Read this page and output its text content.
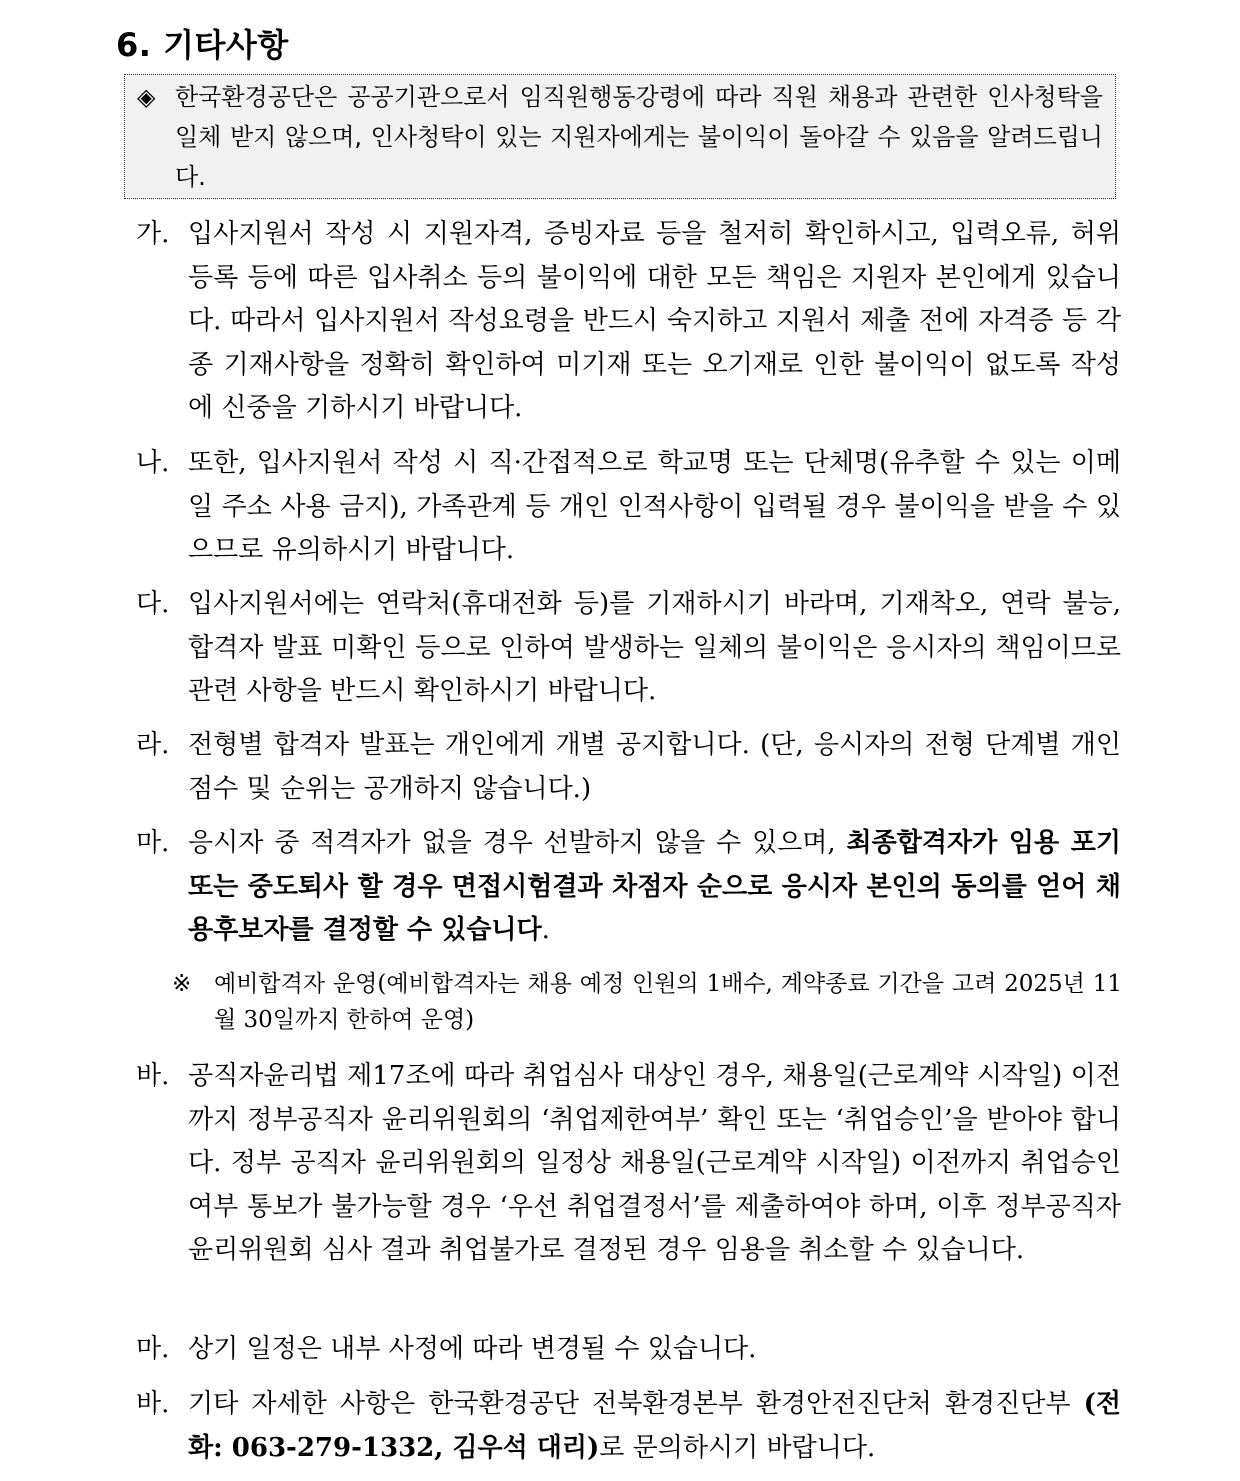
6. 기타사항
◈ 한국환경공단은 공공기관으로서 임직원행동강령에 따라 직원 채용과 관련한 인사청탁을 일체 받지 않으며, 인사청탁이 있는 지원자에게는 불이익이 돌아갈 수 있음을 알려드립니다.
가. 입사지원서 작성 시 지원자격, 증빙자료 등을 철저히 확인하시고, 입력오류, 허위 등록 등에 따른 입사취소 등의 불이익에 대한 모든 책임은 지원자 본인에게 있습니다. 따라서 입사지원서 작성요령을 반드시 숙지하고 지원서 제출 전에 자격증 등 각종 기재사항을 정확히 확인하여 미기재 또는 오기재로 인한 불이익이 없도록 작성에 신중을 기하시기 바랍니다.
나. 또한, 입사지원서 작성 시 직·간접적으로 학교명 또는 단체명(유추할 수 있는 이메일 주소 사용 금지), 가족관계 등 개인 인적사항이 입력될 경우 불이익을 받을 수 있으므로 유의하시기 바랍니다.
다. 입사지원서에는 연락처(휴대전화 등)를 기재하시기 바라며, 기재착오, 연락 불능, 합격자 발표 미확인 등으로 인하여 발생하는 일체의 불이익은 응시자의 책임이므로 관련 사항을 반드시 확인하시기 바랍니다.
라. 전형별 합격자 발표는 개인에게 개별 공지합니다. (단, 응시자의 전형 단계별 개인점수 및 순위는 공개하지 않습니다.)
마. 응시자 중 적격자가 없을 경우 선발하지 않을 수 있으며, 최종합격자가 임용 포기 또는 중도퇴사 할 경우 면접시험결과 차점자 순으로 응시자 본인의 동의를 얻어 채용후보자를 결정할 수 있습니다.
※ 예비합격자 운영(예비합격자는 채용 예정 인원의 1배수, 계약종료 기간을 고려 2025년 11월 30일까지 한하여 운영)
바. 공직자윤리법 제17조에 따라 취업심사 대상인 경우, 채용일(근로계약 시작일) 이전까지 정부공직자 윤리위원회의 ‘취업제한여부’ 확인 또는 ‘취업승인’을 받아야 합니다. 정부 공직자 윤리위원회의 일정상 채용일(근로계약 시작일) 이전까지 취업승인 여부 통보가 불가능할 경우 ‘우선 취업결정서’를 제출하여야 하며, 이후 정부공직자 윤리위원회 심사 결과 취업불가로 결정된 경우 임용을 취소할 수 있습니다.
마. 상기 일정은 내부 사정에 따라 변경될 수 있습니다.
바. 기타 자세한 사항은 한국환경공단 전북환경본부 환경안전진단처 환경진단부 (전화: 063-279-1332, 김우석 대리)로 문의하시기 바랍니다.
